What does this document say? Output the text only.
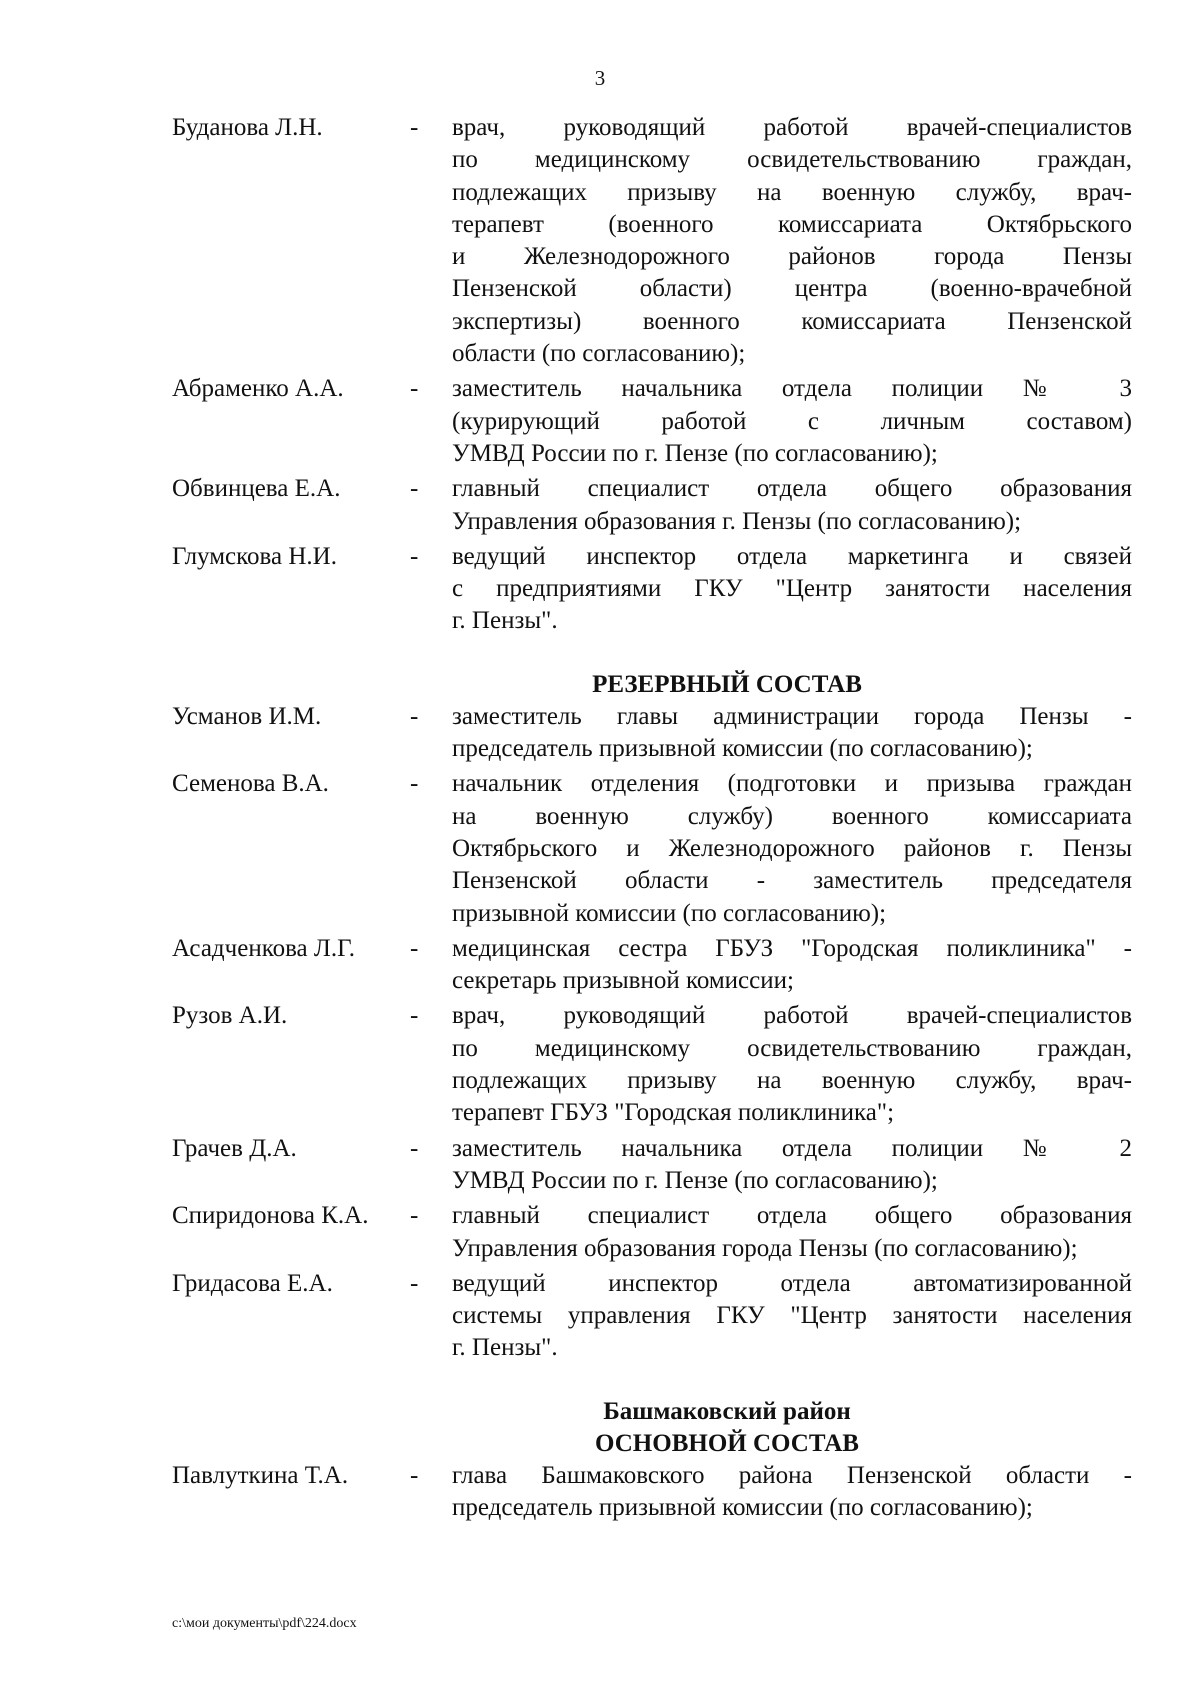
3
Буданова Л.Н.	-	врач, руководящий работой врачей-специалистов
по медицинскому освидетельствованию граждан,
подлежащих призыву на военную службу, врач-
терапевт (военного комиссариата Октябрьского
и Железнодорожного районов города Пензы
Пензенской области) центра (военно-врачебной
экспертизы) военного комиссариата Пензенской
области (по согласованию);
Абраменко А.А.	-	заместитель начальника отдела полиции № 3
(курирующий работой с личным составом)
УМВД России по г. Пензе (по согласованию);
Обвинцева Е.А.	-	главный специалист отдела общего образования
Управления образования г. Пензы (по согласованию);
Глумскова Н.И.	-	ведущий инспектор отдела маркетинга и связей
с предприятиями ГКУ "Центр занятости населения
г. Пензы".
РЕЗЕРВНЫЙ СОСТАВ
Усманов И.М.	-	заместитель главы администрации города Пензы -
председатель призывной комиссии (по согласованию);
Семенова В.А.	-	начальник отделения (подготовки и призыва граждан
на военную службу) военного комиссариата
Октябрьского и Железнодорожного районов г. Пензы
Пензенской области - заместитель председателя
призывной комиссии (по согласованию);
Асадченкова Л.Г.	-	медицинская сестра ГБУЗ "Городская поликлиника" -
секретарь призывной комиссии;
Рузов А.И.	-	врач, руководящий работой врачей-специалистов
по медицинскому освидетельствованию граждан,
подлежащих призыву на военную службу, врач-
терапевт ГБУЗ "Городская поликлиника";
Грачев Д.А.	-	заместитель начальника отдела полиции № 2
УМВД России по г. Пензе (по согласованию);
Спиридонова К.А.	-	главный специалист отдела общего образования
Управления образования города Пензы (по согласованию);
Гридасова Е.А.	-	ведущий инспектор отдела автоматизированной
системы управления ГКУ "Центр занятости населения
г. Пензы".
Башмаковский район
ОСНОВНОЙ СОСТАВ
Павлуткина Т.А.	-	глава Башмаковского района Пензенской области -
председатель призывной комиссии (по согласованию);
c:\мои документы\pdf\224.docx
